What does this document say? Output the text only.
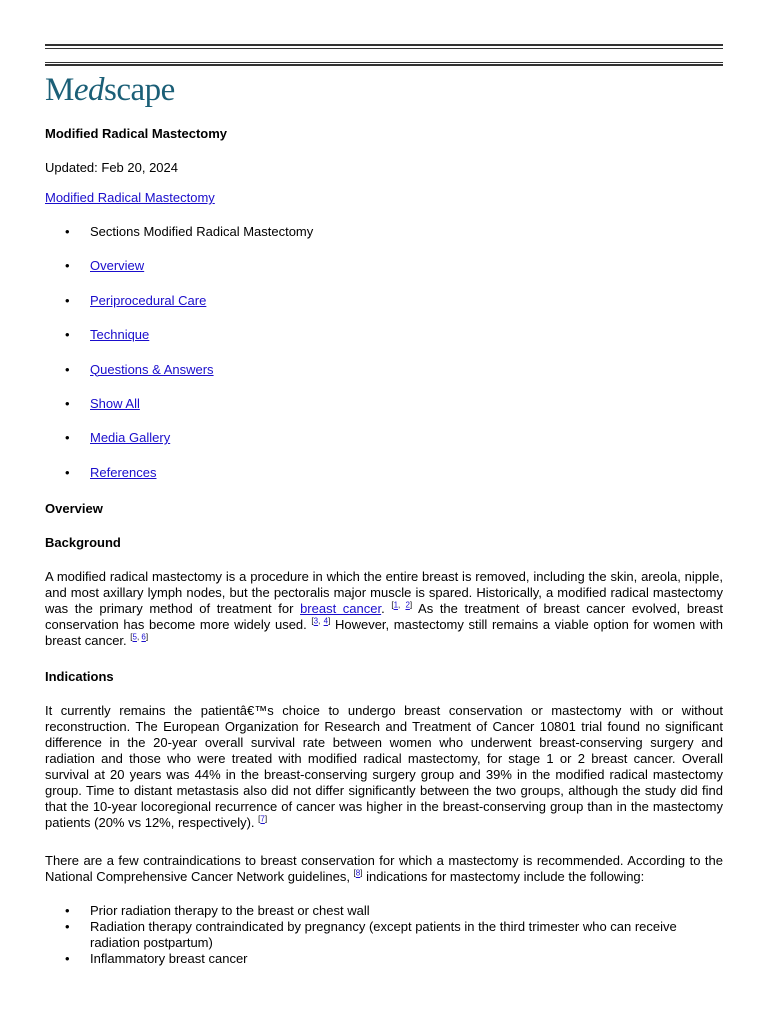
Medscape
Modified Radical Mastectomy
Updated: Feb 20, 2024
Modified Radical Mastectomy
• Sections Modified Radical Mastectomy
• Overview
• Periprocedural Care
• Technique
• Questions & Answers
• Show All
• Media Gallery
• References
Overview
Background

A modified radical mastectomy is a procedure in which the entire breast is removed, including the skin, areola, nipple, and most axillary lymph nodes, but the pectoralis major muscle is spared. Historically, a modified radical mastectomy was the primary method of treatment for breast cancer. [1, 2] As the treatment of breast cancer evolved, breast conservation has become more widely used. [3, 4] However, mastectomy still remains a viable option for women with breast cancer. [5, 6]

Indications

It currently remains the patientâ€™s choice to undergo breast conservation or mastectomy with or without reconstruction. The European Organization for Research and Treatment of Cancer 10801 trial found no significant difference in the 20-year overall survival rate between women who underwent breast-conserving surgery and radiation and those who were treated with modified radical mastectomy, for stage 1 or 2 breast cancer. Overall survival at 20 years was 44% in the breast-conserving surgery group and 39% in the modified radical mastectomy group. Time to distant metastasis also did not differ significantly between the two groups, although the study did find that the 10-year locoregional recurrence of cancer was higher in the breast-conserving group than in the mastectomy patients (20% vs 12%, respectively). [7]

There are a few contraindications to breast conservation for which a mastectomy is recommended. According to the National Comprehensive Cancer Network guidelines, [8] indications for mastectomy include the following:

• Prior radiation therapy to the breast or chest wall
• Radiation therapy contraindicated by pregnancy (except patients in the third trimester who can receive radiation postpartum)
• Inflammatory breast cancer
